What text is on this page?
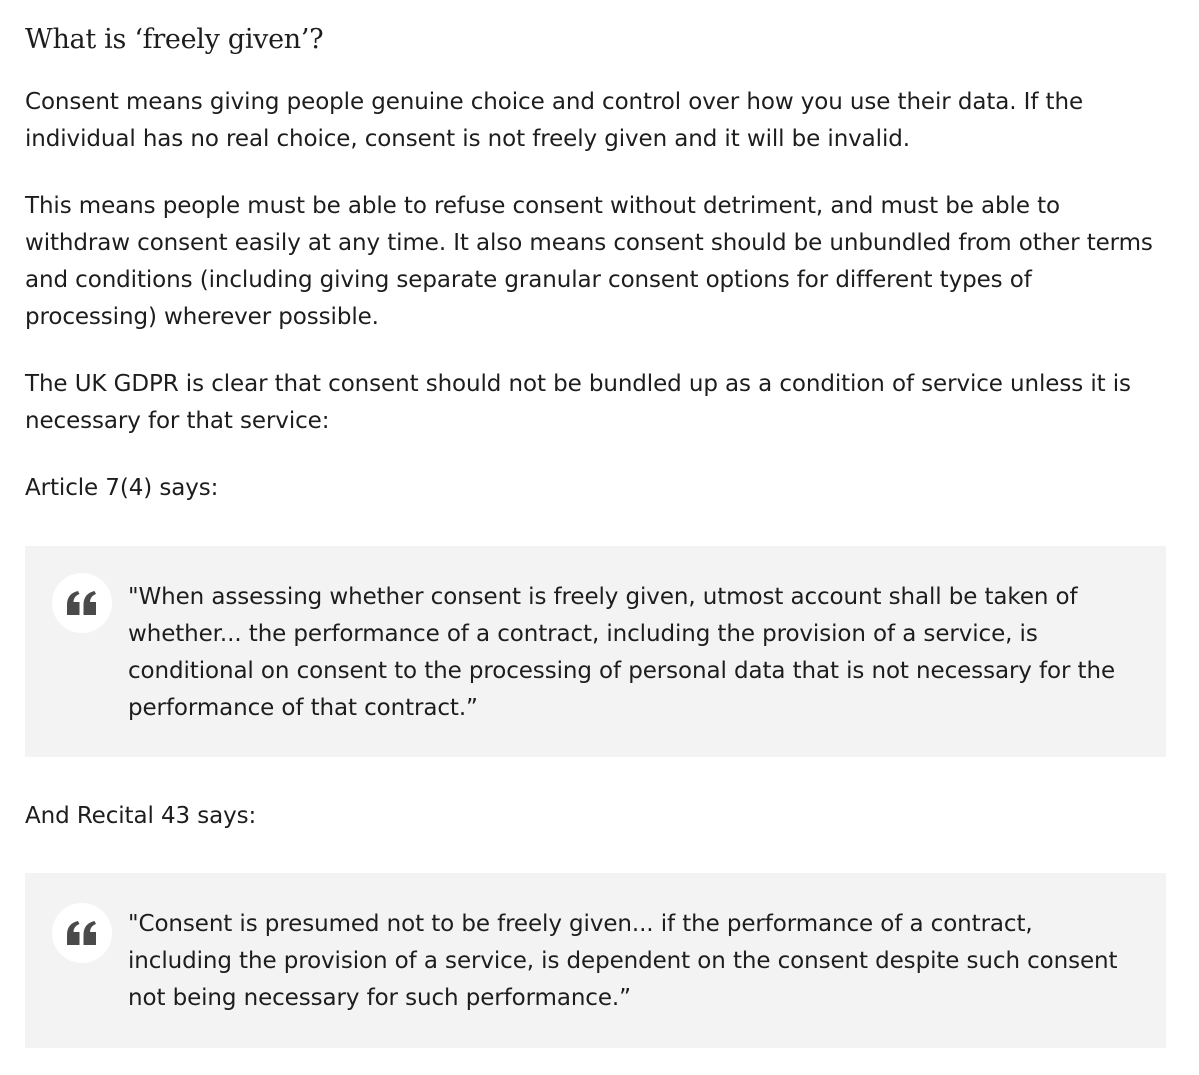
What is ‘freely given’?

Consent means giving people genuine choice and control over how you use their data. If the individual has no real choice, consent is not freely given and it will be invalid.

This means people must be able to refuse consent without detriment, and must be able to withdraw consent easily at any time. It also means consent should be unbundled from other terms and conditions (including giving separate granular consent options for different types of processing) wherever possible.

The UK GDPR is clear that consent should not be bundled up as a condition of service unless it is necessary for that service:

Article 7(4) says:

"When assessing whether consent is freely given, utmost account shall be taken of whether... the performance of a contract, including the provision of a service, is conditional on consent to the processing of personal data that is not necessary for the performance of that contract.”

And Recital 43 says:

"Consent is presumed not to be freely given... if the performance of a contract, including the provision of a service, is dependent on the consent despite such consent not being necessary for such performance.”
